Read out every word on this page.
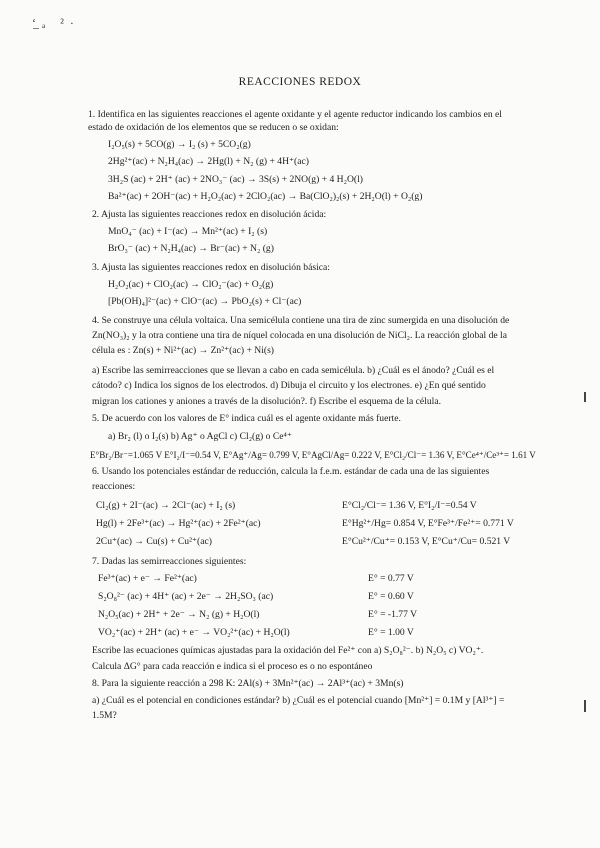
ʻ̲ₐ ²·
REACCIONES REDOX
1. Identifica en las siguientes reacciones el agente oxidante y el agente reductor indicando los cambios en el
estado de oxidación de los elementos que se reducen o se oxidan:
I₂O₅(s) + 5CO(g) → I₂ (s) + 5CO₂(g)
2Hg²⁺(ac) + N₂H₄(ac) → 2Hg(l) + N₂ (g) + 4H⁺(ac)
3H₂S (ac) + 2H⁺ (ac) + 2NO₃⁻ (ac) → 3S(s) + 2NO(g) + 4 H₂O(l)
Ba²⁺(ac) + 2OH⁻(ac) + H₂O₂(ac) + 2ClO₂(ac) → Ba(ClO₂)₂(s) + 2H₂O(l) + O₂(g)
2. Ajusta las siguientes reacciones redox en disolución ácida:
MnO₄⁻ (ac) + I⁻(ac) → Mn²⁺(ac) + I₂ (s)
BrO₃⁻ (ac) + N₂H₄(ac) → Br⁻(ac) + N₂ (g)
3. Ajusta las siguientes reacciones redox en disolución básica:
H₂O₂(ac) + ClO₂(ac) → ClO₂⁻(ac) + O₂(g)
[Pb(OH)₄]²⁻(ac) + ClO⁻(ac) → PbO₂(s) + Cl⁻(ac)
4. Se construye una célula voltaica. Una semicélula contiene una tira de zinc sumergida en una disolución de
Zn(NO₃)₂ y la otra contiene una tira de níquel colocada en una disolución de NiCl₂. La reacción global de la
célula es : Zn(s) + Ni²⁺(ac) → Zn²⁺(ac) + Ni(s)
a) Escribe las semirreacciones que se llevan a cabo en cada semicélula. b) ¿Cuál es el ánodo? ¿Cuál es el
cátodo? c) Indica los signos de los electrodos. d) Dibuja el circuito y los electrones. e) ¿En qué sentido
migran los cationes y aniones a través de la disolución?. f) Escribe el esquema de la célula.
5. De acuerdo con los valores de E° indica cuál es el agente oxidante más fuerte.
a) Br₂ (l) o I₂(s) b) Ag⁺ o AgCl c) Cl₂(g) o Ce⁴⁺
E°Br₂/Br⁻=1.065 V E°I₂/I⁻=0.54 V, E°Ag⁺/Ag= 0.799 V, E°AgCl/Ag= 0.222 V, E°Cl₂/Cl⁻= 1.36 V, E°Ce⁴⁺/Ce³⁺= 1.61 V
6. Usando los potenciales estándar de reducción, calcula la f.e.m. estándar de cada una de las siguientes
reacciones:
Cl₂(g) + 2I⁻(ac) → 2Cl⁻(ac) + I₂ (s)	E°Cl₂/Cl⁻= 1.36 V, E°I₂/I⁻=0.54 V
Hg(l) + 2Fe³⁺(ac) → Hg²⁺(ac) + 2Fe²⁺(ac)	E°Hg²⁺/Hg= 0.854 V, E°Fe³⁺/Fe²⁺= 0.771 V
2Cu⁺(ac) → Cu(s) + Cu²⁺(ac)	E°Cu²⁺/Cu⁺= 0.153 V, E°Cu⁺/Cu= 0.521 V
7. Dadas las semirreacciones siguientes:
Fe³⁺(ac) + e⁻ → Fe²⁺(ac)	E° = 0.77 V
S₂O₈²⁻ (ac) + 4H⁺ (ac) + 2e⁻ → 2H₂SO₃ (ac)	E° = 0.60 V
N₂O₅(ac) + 2H⁺ + 2e⁻ → N₂ (g) + H₂O(l)	E° = -1.77 V
VO₂⁺(ac) + 2H⁺ (ac) + e⁻ → VO₂²⁺(ac) + H₂O(l)	E° = 1.00 V
Escribe las ecuaciones químicas ajustadas para la oxidación del Fe²⁺ con a) S₂O₈²⁻. b) N₂O₅ c) VO₂⁺.
Calcula ΔG° para cada reacción e indica si el proceso es o no espontáneo
8. Para la siguiente reacción a 298 K: 2Al(s) + 3Mn²⁺(ac) → 2Al³⁺(ac) + 3Mn(s)
a) ¿Cuál es el potencial en condiciones estándar? b) ¿Cuál es el potencial cuando [Mn²⁺] = 0.1M y [Al³⁺] =
1.5M?
